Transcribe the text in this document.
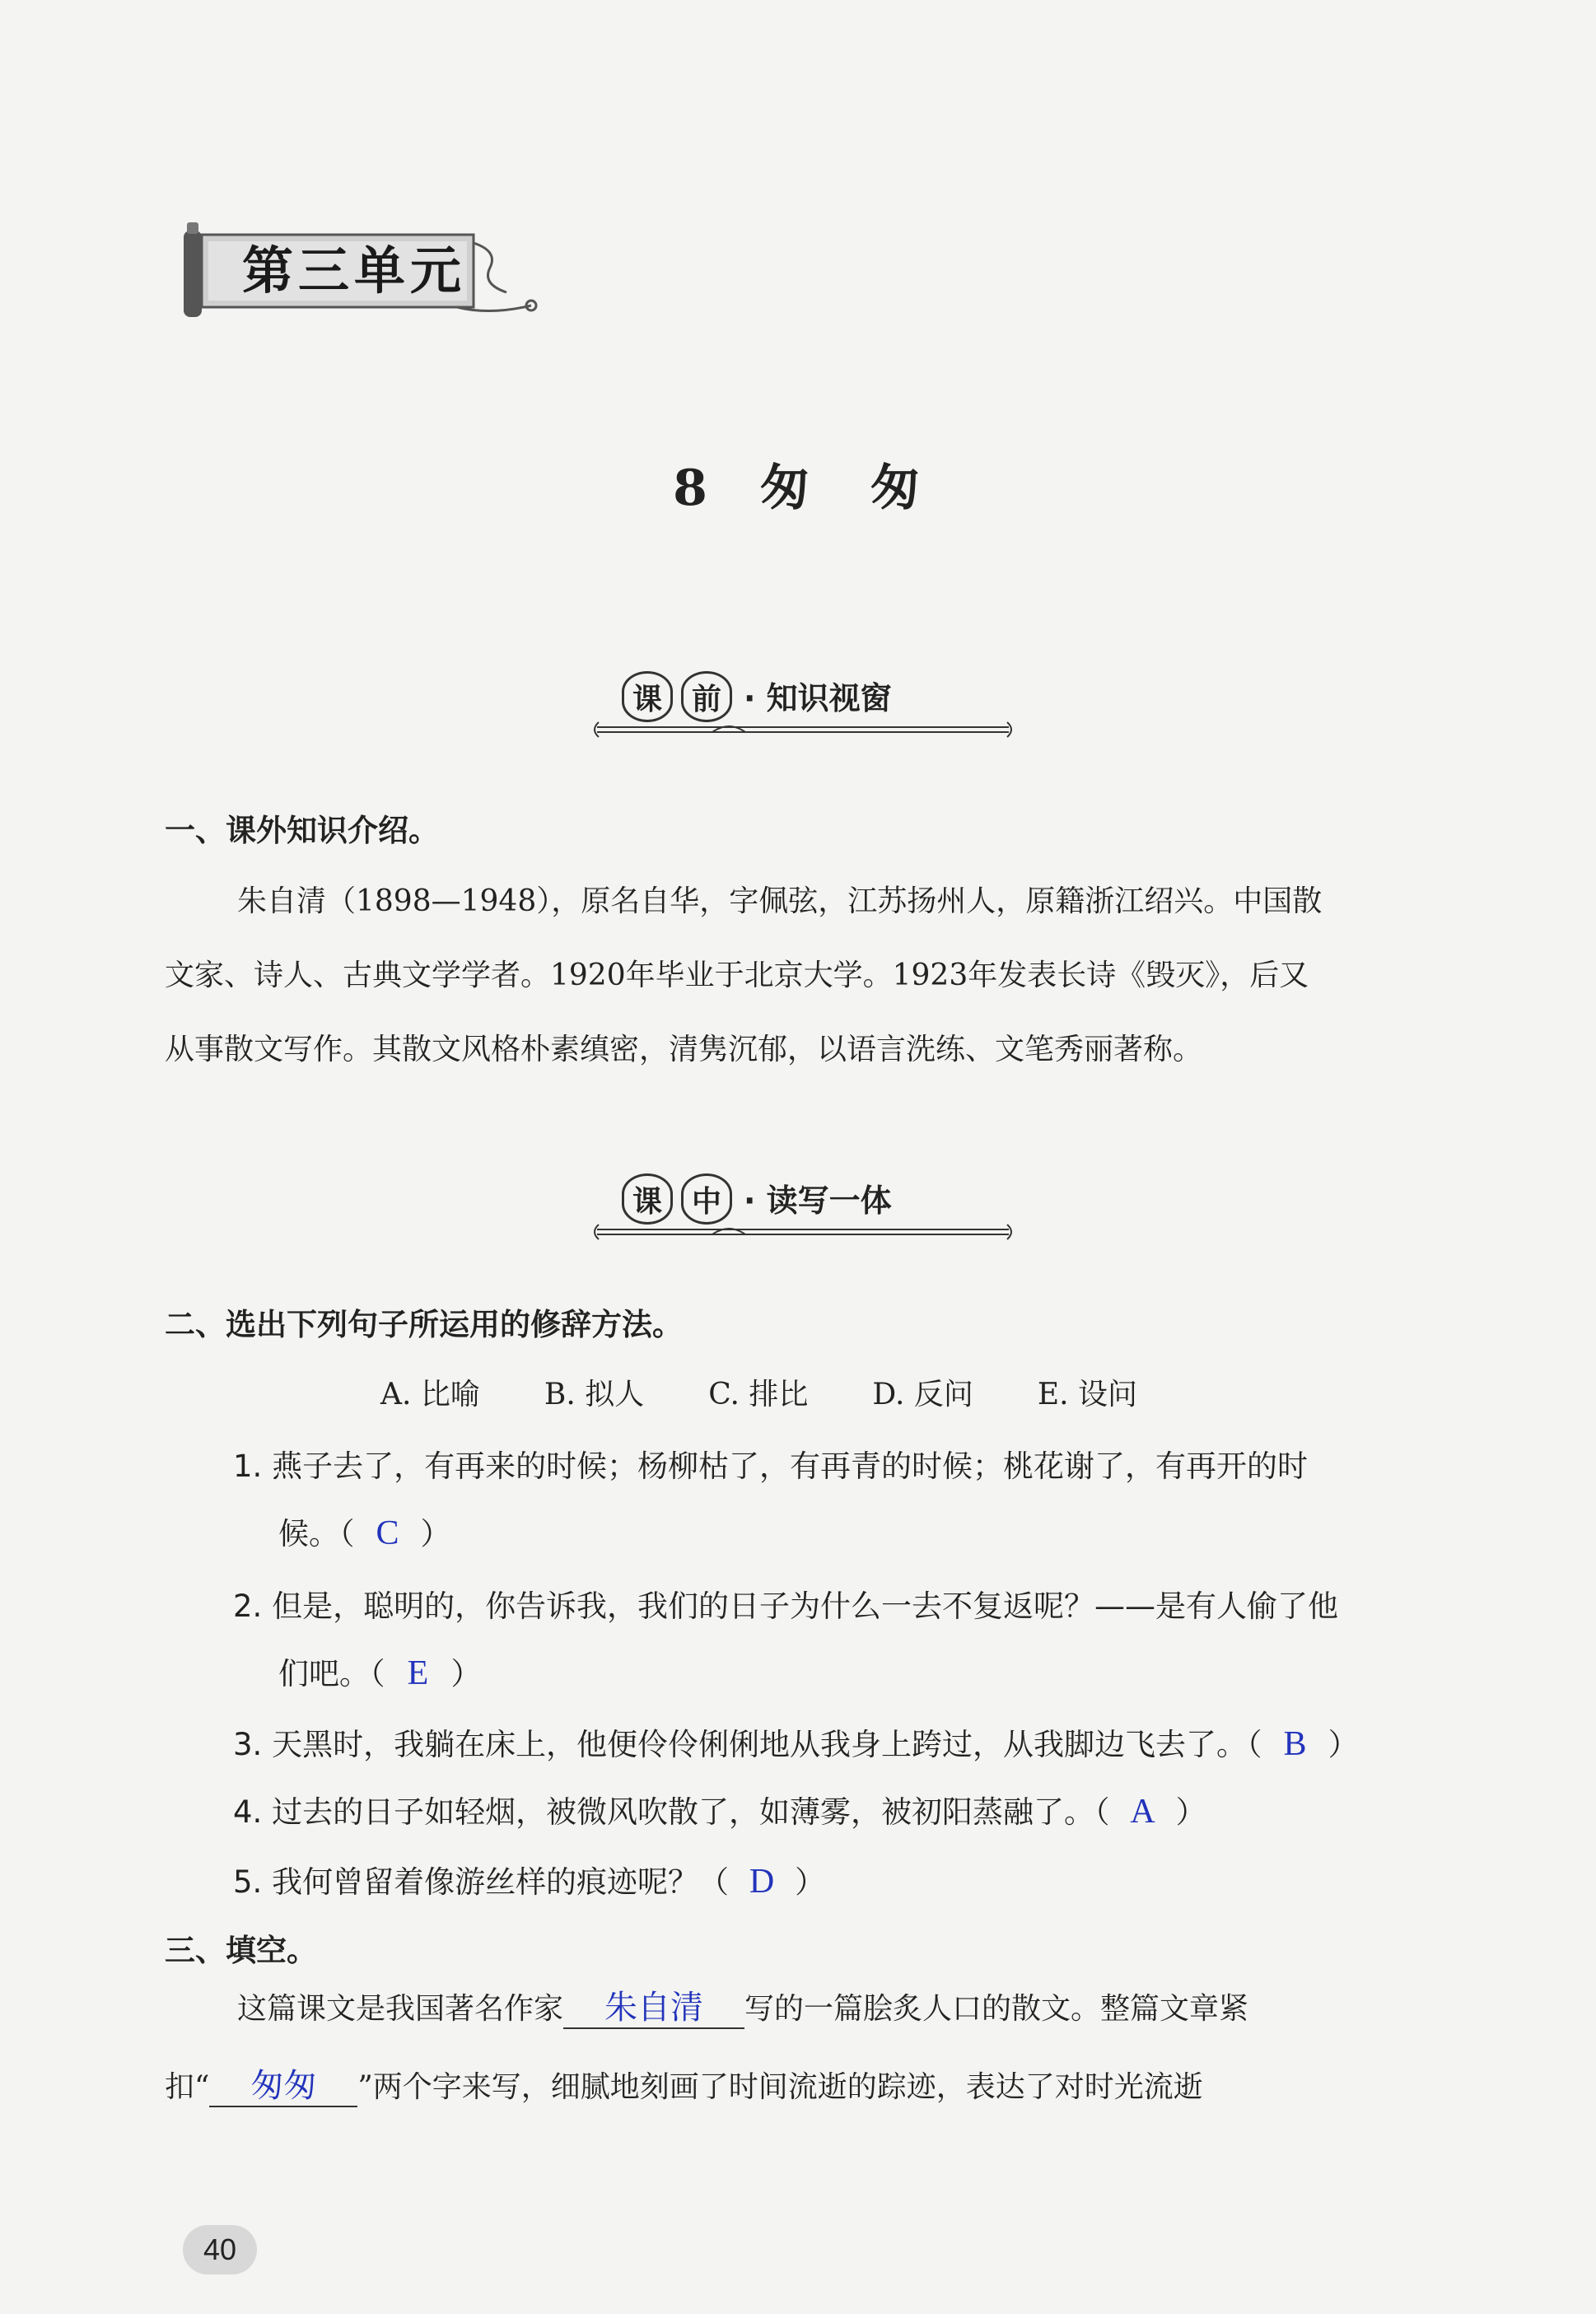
第三单元
8 匆 匆
课 前 · 知识视窗
一、课外知识介绍。
朱自清（1898—1948），原名自华，字佩弦，江苏扬州人，原籍浙江绍兴。中国散
文家、诗人、古典文学学者。1920年毕业于北京大学。1923年发表长诗《毁灭》，后又
从事散文写作。其散文风格朴素缜密，清隽沉郁，以语言洗练、文笔秀丽著称。
课 中 · 读写一体
二、选出下列句子所运用的修辞方法。
A. 比喻 B. 拟人 C. 排比 D. 反问 E. 设问
1. 燕子去了，有再来的时候；杨柳枯了，有再青的时候；桃花谢了，有再开的时
候。（ C ）
2. 但是，聪明的，你告诉我，我们的日子为什么一去不复返呢？——是有人偷了他
们吧。（ E ）
3. 天黑时，我躺在床上，他便伶伶俐俐地从我身上跨过，从我脚边飞去了。（ B ）
4. 过去的日子如轻烟，被微风吹散了，如薄雾，被初阳蒸融了。（ A ）
5. 我何曾留着像游丝样的痕迹呢？（ D ）
三、填空。
这篇课文是我国著名作家 朱自清 写的一篇脍炙人口的散文。整篇文章紧
扣“ 匆匆 ”两个字来写，细腻地刻画了时间流逝的踪迹，表达了对时光流逝
40
